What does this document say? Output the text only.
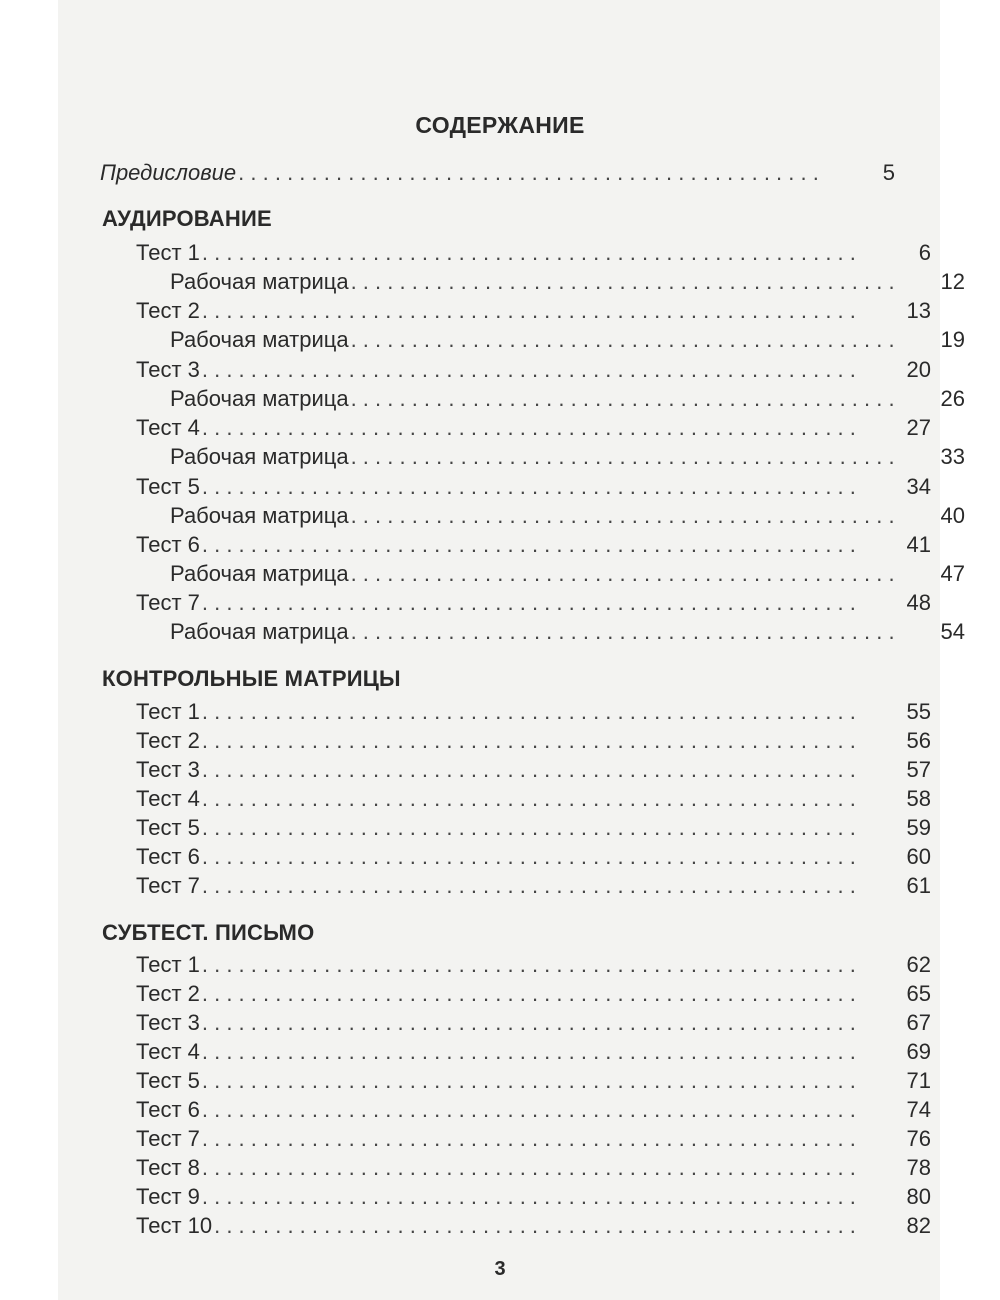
СОДЕРЖАНИЕ
Предисловие . . .	5
АУДИРОВАНИЕ
Тест 1 . . .	6
Рабочая матрица . . .	12
Тест 2 . . .	13
Рабочая матрица . . .	19
Тест 3 . . .	20
Рабочая матрица . . .	26
Тест 4 . . .	27
Рабочая матрица . . .	33
Тест 5 . . .	34
Рабочая матрица . . .	40
Тест 6 . . .	41
Рабочая матрица . . .	47
Тест 7 . . .	48
Рабочая матрица . . .	54
КОНТРОЛЬНЫЕ МАТРИЦЫ
Тест 1 . . .	55
Тест 2 . . .	56
Тест 3 . . .	57
Тест 4 . . .	58
Тест 5 . . .	59
Тест 6 . . .	60
Тест 7 . . .	61
СУБТЕСТ. ПИСЬМО
Тест 1 . . .	62
Тест 2 . . .	65
Тест 3 . . .	67
Тест 4 . . .	69
Тест 5 . . .	71
Тест 6 . . .	74
Тест 7 . . .	76
Тест 8 . . .	78
Тест 9 . . .	80
Тест 10 . . .	82
3
